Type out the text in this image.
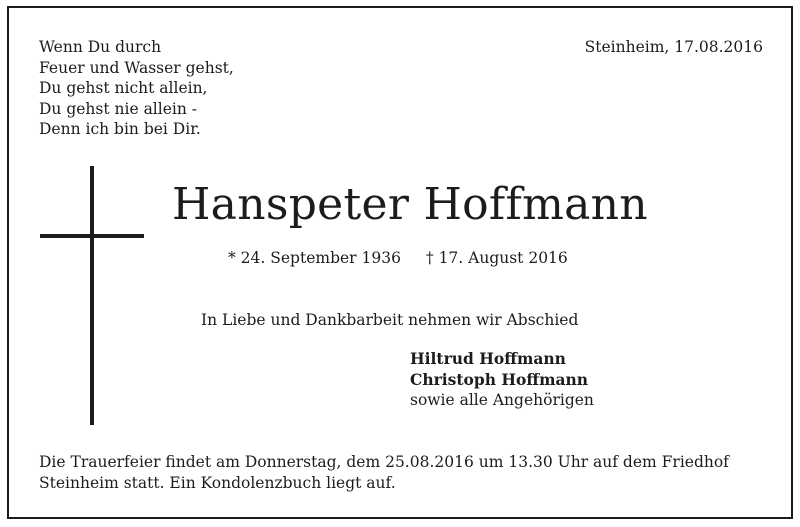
Wenn Du durch
Feuer und Wasser gehst,
Du gehst nicht allein,
Du gehst nie allein -
Denn ich bin bei Dir.
Steinheim, 17.08.2016
Hanspeter Hoffmann
* 24. September 1936 † 17. August 2016
In Liebe und Dankbarbeit nehmen wir Abschied
Hiltrud Hoffmann
Christoph Hoffmann
sowie alle Angehörigen
Die Trauerfeier findet am Donnerstag, dem 25.08.2016 um 13.30 Uhr auf dem Friedhof
Steinheim statt. Ein Kondolenzbuch liegt auf.
